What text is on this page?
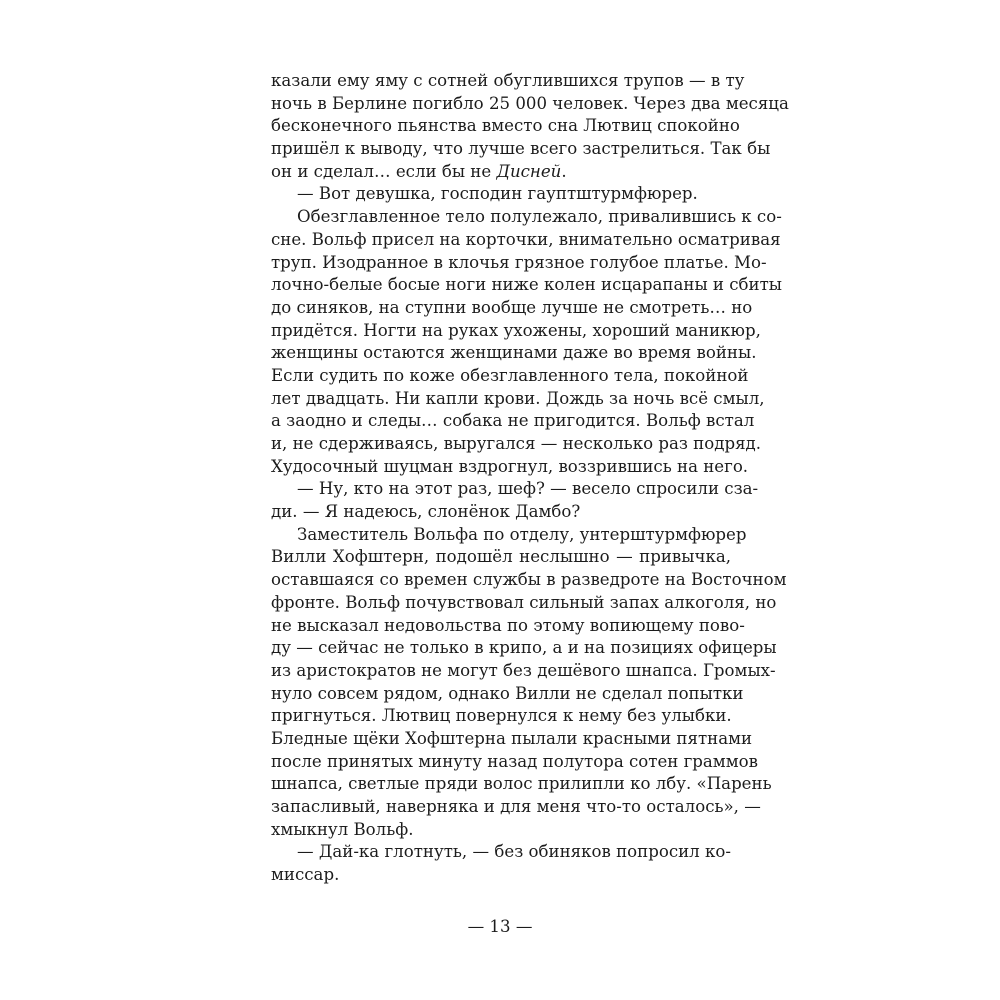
казали ему яму с сотней обуглившихся трупов — в ту
ночь в Берлине погибло 25 000 человек. Через два месяца
бесконечного пьянства вместо сна Лютвиц спокойно
пришёл к выводу, что лучше всего застрелиться. Так бы
он и сделал… если бы не Дисней.
— Вот девушка, господин гауптштурмфюрер.
Обезглавленное тело полулежало, привалившись к со-
сне. Вольф присел на корточки, внимательно осматривая
труп. Изодранное в клочья грязное голубое платье. Мо-
лочно-белые босые ноги ниже колен исцарапаны и сбиты
до синяков, на ступни вообще лучше не смотреть… но
придётся. Ногти на руках ухожены, хороший маникюр,
женщины остаются женщинами даже во время войны.
Если судить по коже обезглавленного тела, покойной
лет двадцать. Ни капли крови. Дождь за ночь всё смыл,
а заодно и следы… собака не пригодится. Вольф встал
и, не сдерживаясь, выругался — несколько раз подряд.
Худосочный шуцман вздрогнул, воззрившись на него.
— Ну, кто на этот раз, шеф? — весело спросили сза-
ди. — Я надеюсь, слонёнок Дамбо?
Заместитель Вольфа по отделу, унтерштурмфюрер
Вилли Хофштерн, подошёл неслышно — привычка,
оставшаяся со времен службы в разведроте на Восточном
фронте. Вольф почувствовал сильный запах алкоголя, но
не высказал недовольства по этому вопиющему пово-
ду — сейчас не только в крипо, а и на позициях офицеры
из аристократов не могут без дешёвого шнапса. Громых-
нуло совсем рядом, однако Вилли не сделал попытки
пригнуться. Лютвиц повернулся к нему без улыбки.
Бледные щёки Хофштерна пылали красными пятнами
после принятых минуту назад полутора сотен граммов
шнапса, светлые пряди волос прилипли ко лбу. «Парень
запасливый, наверняка и для меня что-то осталось», —
хмыкнул Вольф.
— Дай-ка глотнуть, — без обиняков попросил ко-
миссар.
— 13 —
